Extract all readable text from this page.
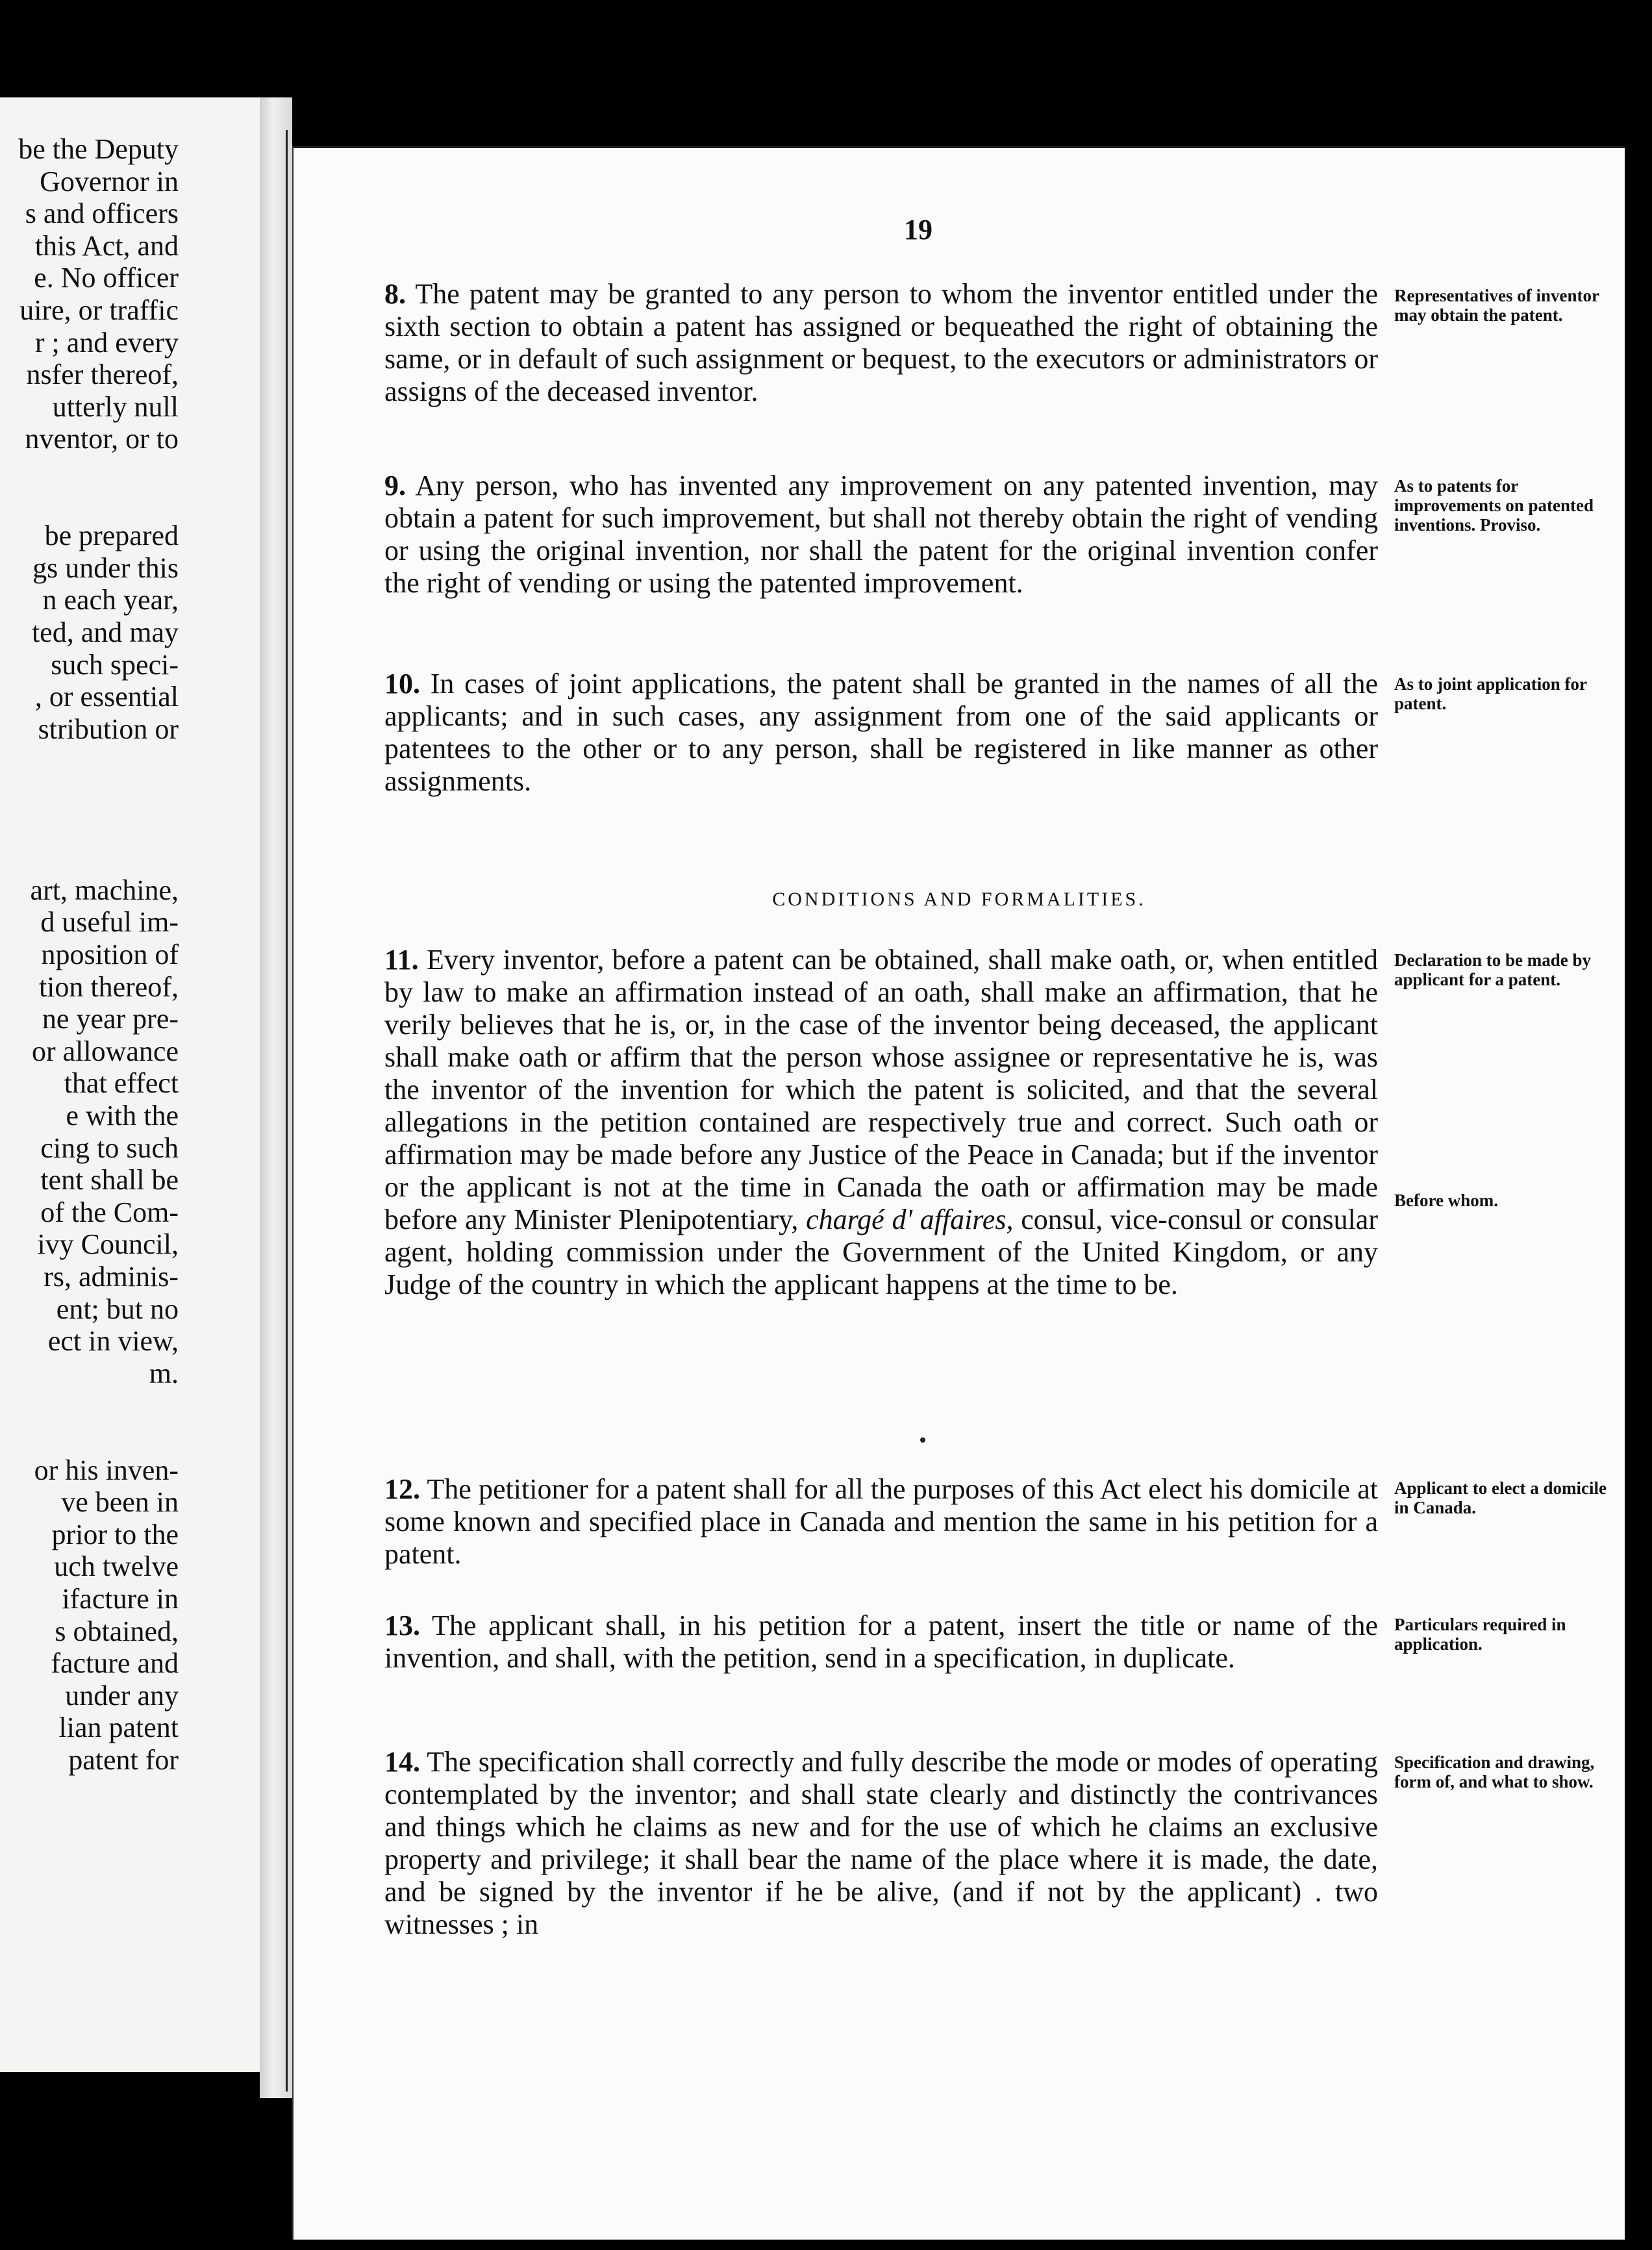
be the Deputy
Governor in
s and officers
this Act, and
e. No officer
uire, or traffic
r ; and every
nsfer thereof,
utterly null
nventor, or to
be prepared
gs under this
n each year,
ted, and may
such speci-
, or essential
stribution or
art, machine,
d useful im-
nposition of
tion thereof,
ne year pre-
or allowance
that effect
e with the
cing to such
tent shall be
of the Com-
ivy Council,
rs, adminis-
ent; but no
ect in view,
m.
or his inven-
ve been in
prior to the
uch twelve
ifacture in
s obtained,
facture and
under any
lian patent
patent for
19
8. The patent may be granted to any person to whom the inventor entitled under the sixth section to obtain a patent has assigned or bequeathed the right of obtaining the same, or in default of such assignment or bequest, to the executors or administrators or assigns of the deceased inventor.
Representatives of inventor may obtain the patent.
9. Any person, who has invented any improvement on any patented invention, may obtain a patent for such improvement, but shall not thereby obtain the right of vending or using the original invention, nor shall the patent for the original invention confer the right of vending or using the patented improvement.
As to patents for improvements on patented inventions. Proviso.
10. In cases of joint applications, the patent shall be granted in the names of all the applicants; and in such cases, any assignment from one of the said applicants or patentees to the other or to any person, shall be registered in like manner as other assignments.
As to joint application for patent.
CONDITIONS AND FORMALITIES.
11. Every inventor, before a patent can be obtained, shall make oath, or, when entitled by law to make an affirmation instead of an oath, shall make an affirmation, that he verily believes that he is, or, in the case of the inventor being deceased, the applicant shall make oath or affirm that the person whose assignee or representative he is, was the inventor of the invention for which the patent is solicited, and that the several allegations in the petition contained are respectively true and correct. Such oath or affirmation may be made before any Justice of the Peace in Canada; but if the inventor or the applicant is not at the time in Canada the oath or affirmation may be made before any Minister Plenipotentiary, chargé d' affaires, consul, vice-consul or consular agent, holding commission under the Government of the United Kingdom, or any Judge of the country in which the applicant happens at the time to be.
Declaration to be made by applicant for a patent.
Before whom.
12. The petitioner for a patent shall for all the purposes of this Act elect his domicile at some known and specified place in Canada and mention the same in his petition for a patent.
Applicant to elect a domicile in Canada.
13. The applicant shall, in his petition for a patent, insert the title or name of the invention, and shall, with the petition, send in a specification, in duplicate.
Particulars required in application.
14. The specification shall correctly and fully describe the mode or modes of operating contemplated by the inventor; and shall state clearly and distinctly the contrivances and things which he claims as new and for the use of which he claims an exclusive property and privilege; it shall bear the name of the place where it is made, the date, and be signed by the inventor if he be alive, (and if not by the applicant) . two witnesses ; in
Specification and drawing, form of, and what to show.
